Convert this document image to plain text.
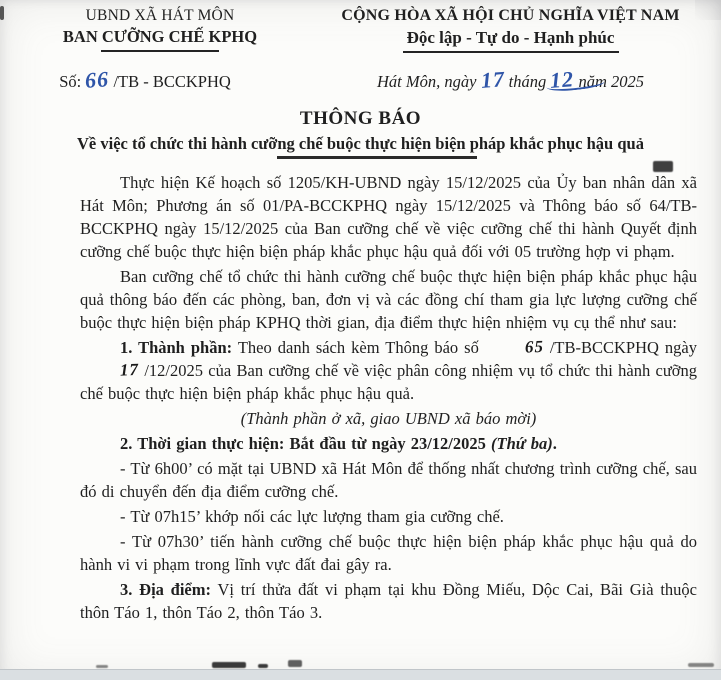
UBND XÃ HÁT MÔN
BAN CƯỠNG CHẾ KPHQ
Số: 66 /TB - BCCKPHQ
CỘNG HÒA XÃ HỘI CHỦ NGHĨA VIỆT NAM
Độc lập - Tự do - Hạnh phúc
Hát Môn, ngày 17 tháng 12 năm 2025
THÔNG BÁO
Về việc tổ chức thi hành cưỡng chế buộc thực hiện biện pháp khắc phục hậu quả

Thực hiện Kế hoạch số 1205/KH-UBND ngày 15/12/2025 của Ủy ban nhân dân xã Hát Môn; Phương án số 01/PA-BCCKPHQ ngày 15/12/2025 và Thông báo số 64/TB-BCCKPHQ ngày 15/12/2025 của Ban cưỡng chế về việc cưỡng chế thi hành Quyết định cưỡng chế buộc thực hiện biện pháp khắc phục hậu quả đối với 05 trường hợp vi phạm.

Ban cưỡng chế tổ chức thi hành cưỡng chế buộc thực hiện biện pháp khắc phục hậu quả thông báo đến các phòng, ban, đơn vị và các đồng chí tham gia lực lượng cưỡng chế buộc thực hiện biện pháp KPHQ thời gian, địa điểm thực hiện nhiệm vụ cụ thể như sau:

1. Thành phần: Theo danh sách kèm Thông báo số	65 /TB-BCCKPHQ ngày 17 /12/2025 của Ban cưỡng chế về việc phân công nhiệm vụ tổ chức thi hành cưỡng chế buộc thực hiện biện pháp khắc phục hậu quả.

(Thành phần ở xã, giao UBND xã báo mời)

2. Thời gian thực hiện: Bắt đầu từ ngày 23/12/2025 (Thứ ba).

- Từ 6h00’ có mặt tại UBND xã Hát Môn để thống nhất chương trình cưỡng chế, sau đó di chuyển đến địa điểm cưỡng chế.

- Từ 07h15’ khớp nối các lực lượng tham gia cưỡng chế.

- Từ 07h30’ tiến hành cưỡng chế buộc thực hiện biện pháp khắc phục hậu quả do hành vi vi phạm trong lĩnh vực đất đai gây ra.

3. Địa điểm: Vị trí thửa đất vi phạm tại khu Đồng Miếu, Dộc Cai, Bãi Già thuộc thôn Táo 1, thôn Táo 2, thôn Táo 3.
